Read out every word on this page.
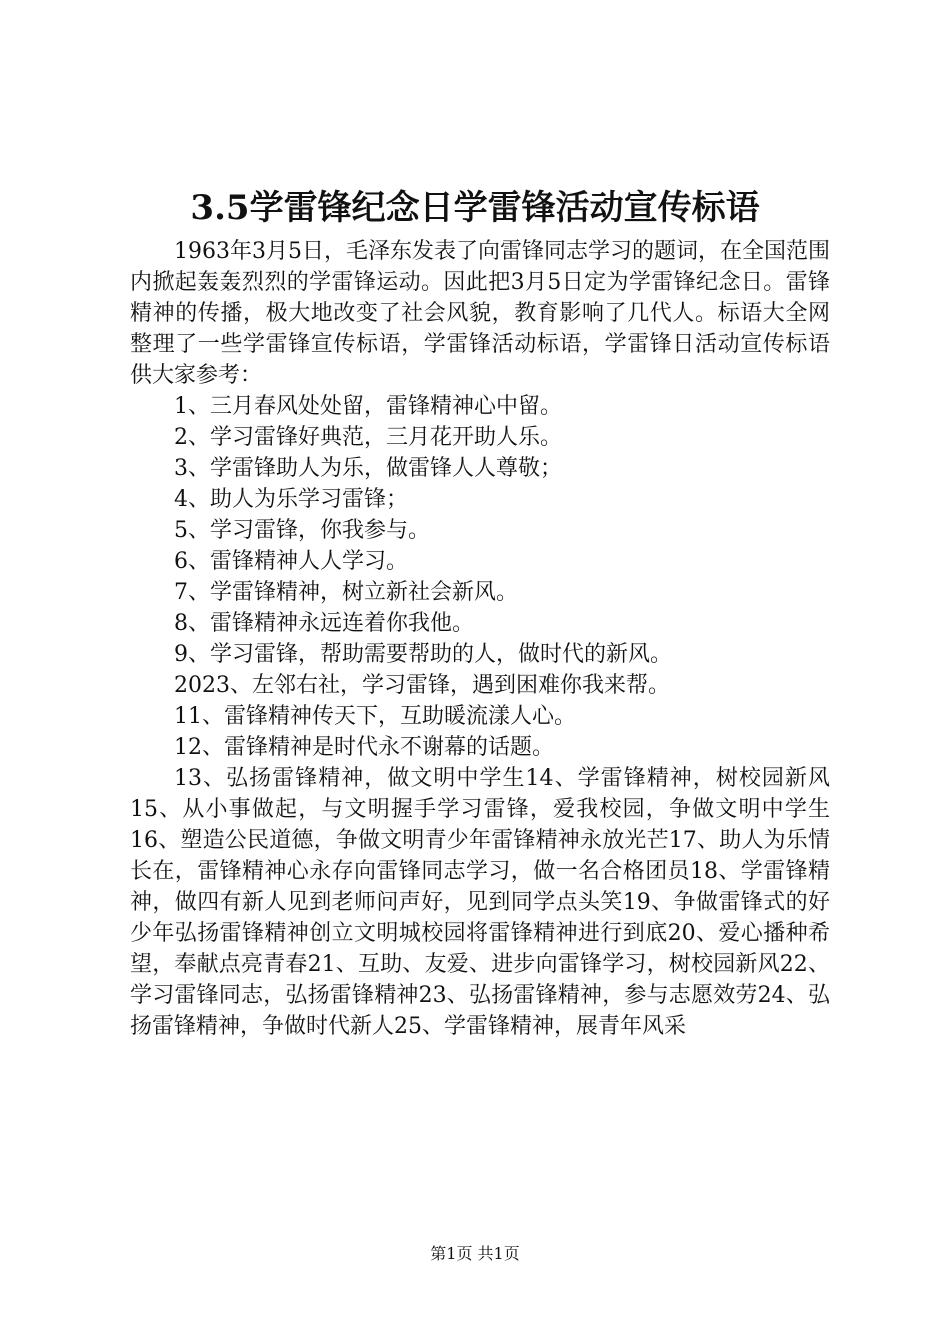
3.5学雷锋纪念日学雷锋活动宣传标语

1963年3月5日，毛泽东发表了向雷锋同志学习的题词，在全国范围内掀起轰轰烈烈的学雷锋运动。因此把3月5日定为学雷锋纪念日。雷锋精神的传播，极大地改变了社会风貌，教育影响了几代人。标语大全网整理了一些学雷锋宣传标语，学雷锋活动标语，学雷锋日活动宣传标语供大家参考：

1、三月春风处处留，雷锋精神心中留。

2、学习雷锋好典范，三月花开助人乐。

3、学雷锋助人为乐，做雷锋人人尊敬；

4、助人为乐学习雷锋；

5、学习雷锋，你我参与。

6、雷锋精神人人学习。

7、学雷锋精神，树立新社会新风。

8、雷锋精神永远连着你我他。

9、学习雷锋，帮助需要帮助的人，做时代的新风。

2023、左邻右社，学习雷锋，遇到困难你我来帮。

11、雷锋精神传天下，互助暖流漾人心。

12、雷锋精神是时代永不谢幕的话题。

13、弘扬雷锋精神，做文明中学生14、学雷锋精神，树校园新风15、从小事做起，与文明握手学习雷锋，爱我校园，争做文明中学生16、塑造公民道德，争做文明青少年雷锋精神永放光芒17、助人为乐情长在，雷锋精神心永存向雷锋同志学习，做一名合格团员18、学雷锋精神，做四有新人见到老师问声好，见到同学点头笑19、争做雷锋式的好少年弘扬雷锋精神创立文明城校园将雷锋精神进行到底20、爱心播种希望，奉献点亮青春21、互助、友爱、进步向雷锋学习，树校园新风22、学习雷锋同志，弘扬雷锋精神23、弘扬雷锋精神，参与志愿效劳24、弘扬雷锋精神，争做时代新人25、学雷锋精神，展青年风采

第1页 共1页
